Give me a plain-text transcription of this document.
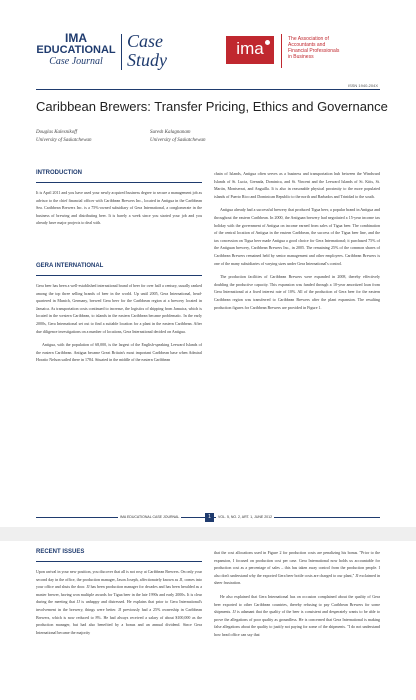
IMA
EDUCATIONAL
Case Journal
Case
Study
ima	The Association of
Accountants and
Financial Professionals
in Business
ISSN 1940-204X
Caribbean Brewers: Transfer Pricing, Ethics and Governance
Douglas Kalesnikoff
University of Saskatchewan
Suresh Kalagnanam
University of Saskatchewan
INTRODUCTION

It is April 2011 and you have used your newly acquired business degree to secure a management job as advisor to the chief financial officer with Caribbean Brewers Inc., located in Antigua in the Caribbean Sea. Caribbean Brewers Inc. is a 75%-owned subsidiary of Gera International, a conglomerate in the business of brewing and distributing beer. It is barely a week since you started your job and you already have major projects to deal with.

GERA INTERNATIONAL

Gera beer has been a well-established international brand of beer for over half a century, usually ranked among the top three selling brands of beer in the world. Up until 2005, Gera International, head-quartered in Munich, Germany, brewed Gera beer for the Caribbean region at a brewery located in Jamaica. As transportation costs continued to increase, the logistics of shipping from Jamaica, which is located in the western Caribbean, to islands in the eastern Caribbean became problematic. In the early 2000s, Gera International set out to find a suitable location for a plant in the eastern Caribbean. After due diligence investigations on a number of locations, Gera International decided on Antigua.

Antigua, with the population of 68,000, is the largest of the English-speaking Leeward Islands of the eastern Caribbean. Antigua became Great Britain's most important Caribbean base when Admiral Horatio Nelson sailed there in 1784. Situated in the middle of the eastern Caribbean

chain of Islands, Antigua often serves as a business and transportation hub between the Windward Islands of St. Lucia, Grenada, Dominica, and St. Vincent and the Leeward Islands of St. Kitts, St. Martin, Montserrat, and Anguilla. It is also in reasonable physical proximity to the more populated islands of Puerto Rico and Dominican Republic to the north and Barbados and Trinidad to the south.

Antigua already had a successful brewery that produced Tigua beer, a popular brand in Antigua and throughout the eastern Caribbean. In 2000, the Antiguan brewery had negotiated a 15-year income tax holiday with the government of Antigua on income earned from sales of Tigua beer. The combination of the central location of Antigua in the eastern Caribbean, the success of the Tigua beer line, and the tax concession on Tigua beer made Antigua a good choice for Gera International; it purchased 75% of the Antiguan brewery, Caribbean Brewers Inc., in 2005. The remaining 25% of the common shares of Caribbean Brewers remained held by senior management and other employees. Caribbean Brewers is one of the many subsidiaries of varying sizes under Gera International's control.

The production facilities of Caribbean Brewers were expanded in 2008, thereby effectively doubling the productive capacity. This expansion was funded through a 10-year amortized loan from Gera International at a fixed interest rate of 10%. All of the production of Gera beer for the eastern Caribbean region was transferred to Caribbean Brewers after the plant expansion. The resulting production figures for Caribbean Brewers are provided in Figure 1.

IMA EDUCATIONAL CASE JOURNAL	1	VOL. 5, NO. 2, ART. 1, JUNE 2012
RECENT ISSUES

Upon arrival in your new position, you discover that all is not rosy at Caribbean Brewers. On only your second day in the office, the production manager, Jason Joseph, affectionately known as JJ, comes into your office and shuts the door. JJ has been production manager for decades and has been heralded as a master brewer, having won multiple awards for Tigua beer in the late 1990s and early 2000s. It is clear during the meeting that JJ is unhappy and distressed. He explains that prior to Gera International's involvement in the brewery, things were better. JJ previously had a 25% ownership in Caribbean Brewers, which is now reduced to 8%. He had always received a salary of about $100,000 as the production manager, but had also benefited by a bonus and an annual dividend. Since Gera International became the majority

that the cost allocations used in Figure 2 for production costs are penalizing his bonus. "Prior to the expansion, I focused on production cost per case. Gera International now holds us accountable for production cost as a percentage of sales – this has taken away control from the production people. I also don't understand why the exported Gera beer bottle costs are charged to our plant," JJ exclaimed in sheer frustration.

He also explained that Gera International has on occasion complained about the quality of Gera beer exported to other Caribbean countries, thereby refusing to pay Caribbean Brewers for some shipments. JJ is adamant that the quality of the beer is consistent and desperately wants to be able to prove the allegations of poor quality as groundless. He is concerned that Gera International is making false allegations about the quality to justify not paying for some of the shipments. "I do not understand how head office can say that
